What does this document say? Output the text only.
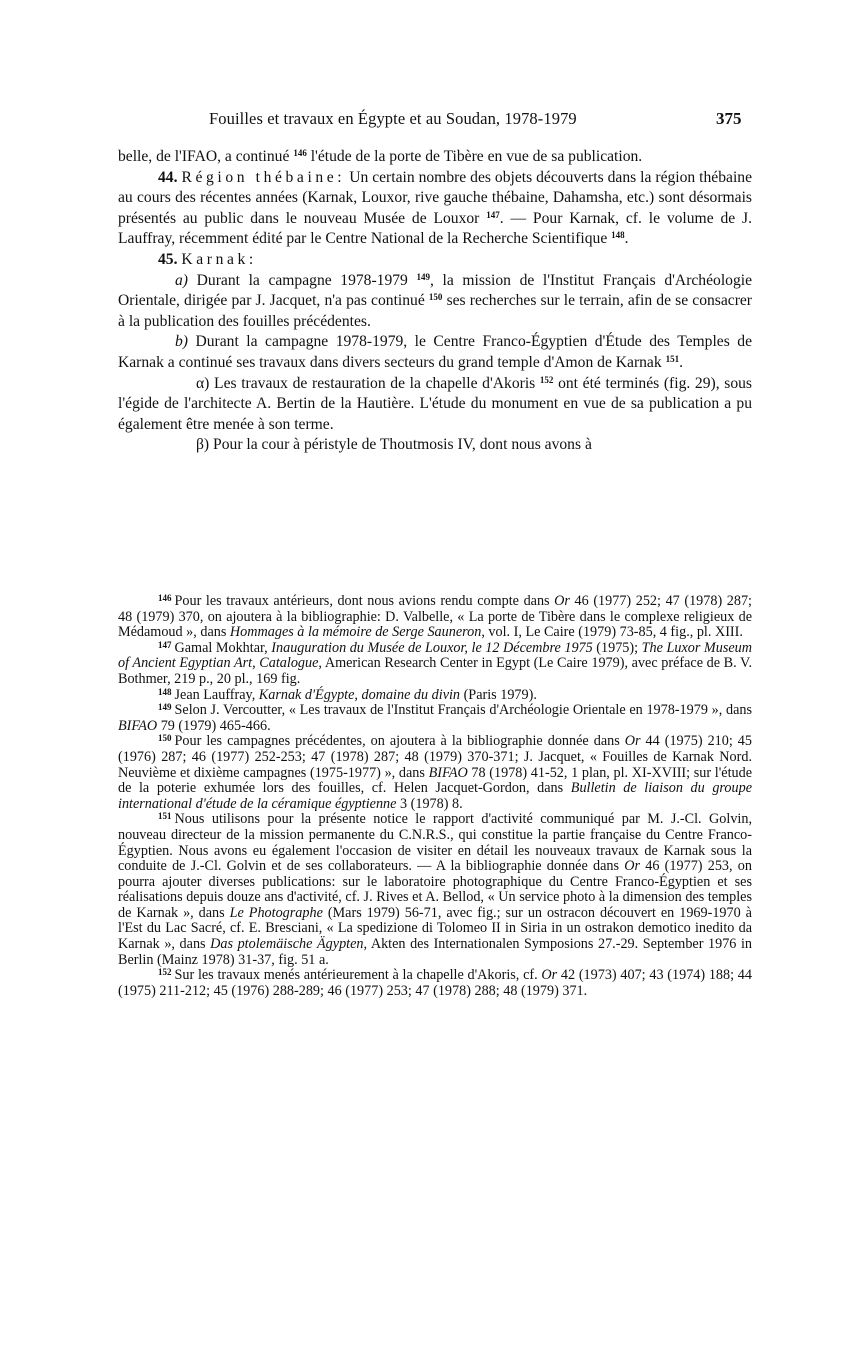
Fouilles et travaux en Égypte et au Soudan, 1978-1979	375

belle, de l'IFAO, a continué $^{146}$ l'étude de la porte de Tibère en vue de sa publication.

44. Région thébaine: Un certain nombre des objets découverts dans la région thébaine au cours des récentes années (Karnak, Louxor, rive gauche thébaine, Dahamsha, etc.) sont désormais présentés au public dans le nouveau Musée de Louxor $^{147}$. — Pour Karnak, cf. le volume de J. Lauffray, récemment édité par le Centre National de la Recherche Scientifique $^{148}$.

45. Karnak:

a) Durant la campagne 1978-1979 $^{149}$, la mission de l'Institut Français d'Archéologie Orientale, dirigée par J. Jacquet, n'a pas continué $^{150}$ ses recherches sur le terrain, afin de se consacrer à la publication des fouilles précédentes.

b) Durant la campagne 1978-1979, le Centre Franco-Égyptien d'Étude des Temples de Karnak a continué ses travaux dans divers secteurs du grand temple d'Amon de Karnak $^{151}$.

α) Les travaux de restauration de la chapelle d'Akoris $^{152}$ ont été terminés (fig. 29), sous l'égide de l'architecte A. Bertin de la Hautière. L'étude du monument en vue de sa publication a pu également être menée à son terme.

β) Pour la cour à péristyle de Thoutmosis IV, dont nous avons à

$^{146}$ Pour les travaux antérieurs, dont nous avions rendu compte dans Or 46 (1977) 252; 47 (1978) 287; 48 (1979) 370, on ajoutera à la bibliographie: D. Valbelle, « La porte de Tibère dans le complexe religieux de Médamoud », dans Hommages à la mémoire de Serge Sauneron, vol. I, Le Caire (1979) 73-85, 4 fig., pl. XIII.

$^{147}$ Gamal Mokhtar, Inauguration du Musée de Louxor, le 12 Décembre 1975 (1975); The Luxor Museum of Ancient Egyptian Art, Catalogue, American Research Center in Egypt (Le Caire 1979), avec préface de B. V. Bothmer, 219 p., 20 pl., 169 fig.

$^{148}$ Jean Lauffray, Karnak d'Égypte, domaine du divin (Paris 1979).

$^{149}$ Selon J. Vercoutter, « Les travaux de l'Institut Français d'Archéologie Orientale en 1978-1979 », dans BIFAO 79 (1979) 465-466.

$^{150}$ Pour les campagnes précédentes, on ajoutera à la bibliographie donnée dans Or 44 (1975) 210; 45 (1976) 287; 46 (1977) 252-253; 47 (1978) 287; 48 (1979) 370-371; J. Jacquet, « Fouilles de Karnak Nord. Neuvième et dixième campagnes (1975-1977) », dans BIFAO 78 (1978) 41-52, 1 plan, pl. XI-XVIII; sur l'étude de la poterie exhumée lors des fouilles, cf. Helen Jacquet-Gordon, dans Bulletin de liaison du groupe international d'étude de la céramique égyptienne 3 (1978) 8.

$^{151}$ Nous utilisons pour la présente notice le rapport d'activité communiqué par M. J.-Cl. Golvin, nouveau directeur de la mission permanente du C.N.R.S., qui constitue la partie française du Centre Franco-Égyptien. Nous avons eu également l'occasion de visiter en détail les nouveaux travaux de Karnak sous la conduite de J.-Cl. Golvin et de ses collaborateurs. — A la bibliographie donnée dans Or 46 (1977) 253, on pourra ajouter diverses publications: sur le laboratoire photographique du Centre Franco-Égyptien et ses réalisations depuis douze ans d'activité, cf. J. Rives et A. Bellod, « Un service photo à la dimension des temples de Karnak », dans Le Photographe (Mars 1979) 56-71, avec fig.; sur un ostracon découvert en 1969-1970 à l'Est du Lac Sacré, cf. E. Bresciani, « La spedizione di Tolomeo II in Siria in un ostrakon demotico inedito da Karnak », dans Das ptolemäische Ägypten, Akten des Internationalen Symposions 27.-29. September 1976 in Berlin (Mainz 1978) 31-37, fig. 51 a.

$^{152}$ Sur les travaux menés antérieurement à la chapelle d'Akoris, cf. Or 42 (1973) 407; 43 (1974) 188; 44 (1975) 211-212; 45 (1976) 288-289; 46 (1977) 253; 47 (1978) 288; 48 (1979) 371.
